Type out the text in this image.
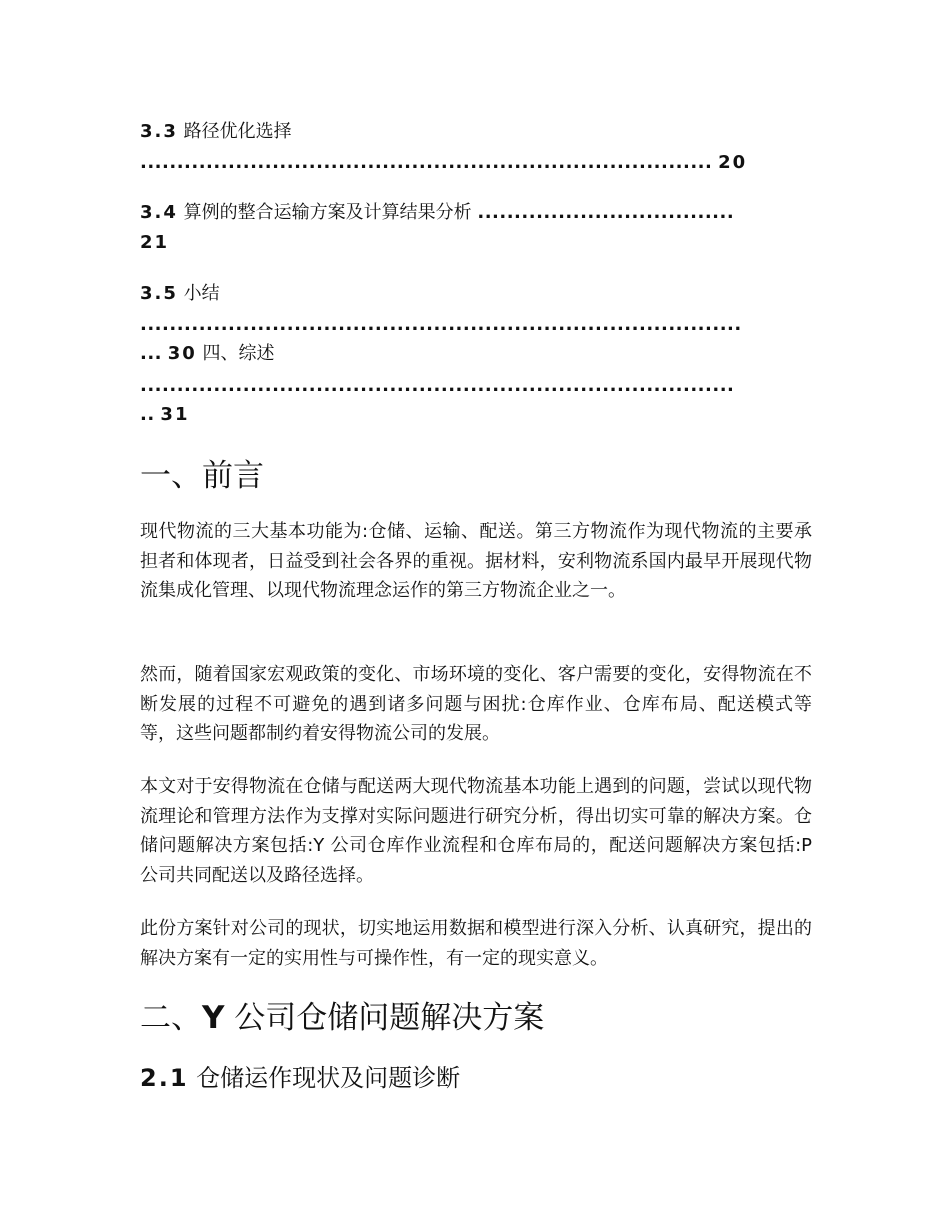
3.3 路径优化选择
.............................................................................. 20
3.4 算例的整合运输方案及计算结果分析 ...................................
21
3.5 小结
..................................................................................
... 30 四、综述
.................................................................................
.. 31
一、前言

现代物流的三大基本功能为:仓储、运输、配送。第三方物流作为现代物流的主要承担者和体现者，日益受到社会各界的重视。据材料，安利物流系国内最早开展现代物流集成化管理、以现代物流理念运作的第三方物流企业之一。

然而，随着国家宏观政策的变化、市场环境的变化、客户需要的变化，安得物流在不断发展的过程不可避免的遇到诸多问题与困扰:仓库作业、仓库布局、配送模式等等，这些问题都制约着安得物流公司的发展。

本文对于安得物流在仓储与配送两大现代物流基本功能上遇到的问题，尝试以现代物流理论和管理方法作为支撑对实际问题进行研究分析，得出切实可靠的解决方案。仓储问题解决方案包括:Y 公司仓库作业流程和仓库布局的，配送问题解决方案包括:P 公司共同配送以及路径选择。

此份方案针对公司的现状，切实地运用数据和模型进行深入分析、认真研究，提出的解决方案有一定的实用性与可操作性，有一定的现实意义。

二、Y 公司仓储问题解决方案
2.1 仓储运作现状及问题诊断
